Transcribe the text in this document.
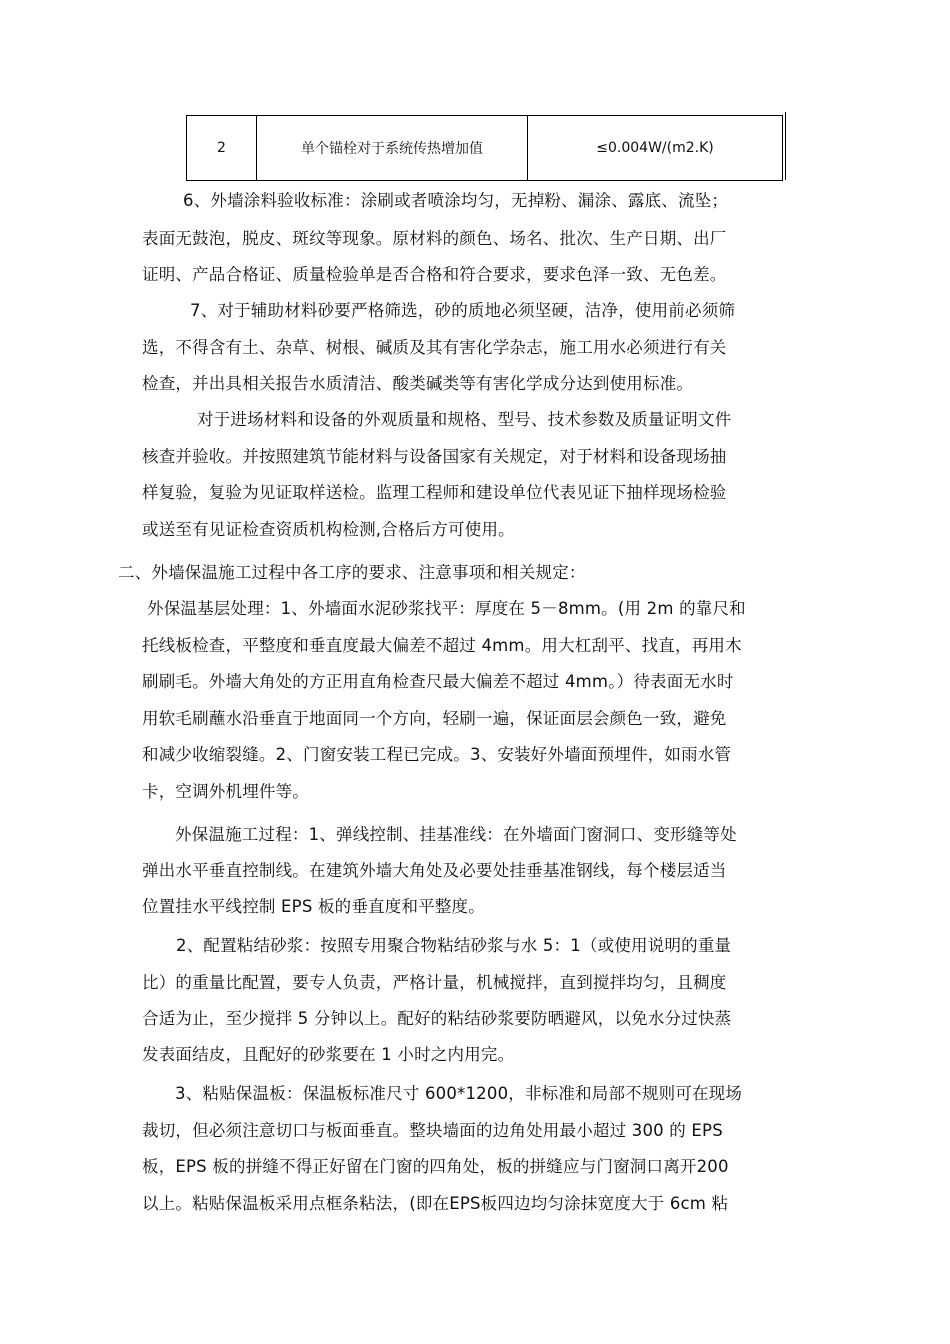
2	单个锚栓对于系统传热增加值	≤0.004W/(m2.K)
6、外墙涂料验收标准：涂刷或者喷涂均匀，无掉粉、漏涂、露底、流坠；
表面无鼓泡，脱皮、斑纹等现象。原材料的颜色、场名、批次、生产日期、出厂
证明、产品合格证、质量检验单是否合格和符合要求，要求色泽一致、无色差。
7、对于辅助材料砂要严格筛选，砂的质地必须坚硬，洁净，使用前必须筛
选，不得含有土、杂草、树根、碱质及其有害化学杂志，施工用水必须进行有关
检查，并出具相关报告水质清洁、酸类碱类等有害化学成分达到使用标准。
对于进场材料和设备的外观质量和规格、型号、技术参数及质量证明文件
核查并验收。并按照建筑节能材料与设备国家有关规定，对于材料和设备现场抽
样复验，复验为见证取样送检。监理工程师和建设单位代表见证下抽样现场检验
或送至有见证检查资质机构检测,合格后方可使用。
二、外墙保温施工过程中各工序的要求、注意事项和相关规定：
外保温基层处理：1、外墙面水泥砂浆找平：厚度在 5－8mm。(用 2m 的靠尺和
托线板检查，平整度和垂直度最大偏差不超过 4mm。用大杠刮平、找直，再用木
刷刷毛。外墙大角处的方正用直角检查尺最大偏差不超过 4mm。）待表面无水时
用软毛刷蘸水沿垂直于地面同一个方向，轻刷一遍，保证面层会颜色一致，避免
和减少收缩裂缝。2、门窗安装工程已完成。3、安装好外墙面预埋件，如雨水管
卡，空调外机埋件等。
外保温施工过程：1、弹线控制、挂基准线：在外墙面门窗洞口、变形缝等处
弹出水平垂直控制线。在建筑外墙大角处及必要处挂垂基准钢线，每个楼层适当
位置挂水平线控制 EPS 板的垂直度和平整度。
2、配置粘结砂浆：按照专用聚合物粘结砂浆与水 5：1（或使用说明的重量
比）的重量比配置，要专人负责，严格计量，机械搅拌，直到搅拌均匀，且稠度
合适为止，至少搅拌 5 分钟以上。配好的粘结砂浆要防晒避风，以免水分过快蒸
发表面结皮，且配好的砂浆要在 1 小时之内用完。
3、粘贴保温板：保温板标准尺寸 600*1200，非标准和局部不规则可在现场
裁切，但必须注意切口与板面垂直。整块墙面的边角处用最小超过 300 的 EPS
板，EPS 板的拼缝不得正好留在门窗的四角处，板的拼缝应与门窗洞口离开200
以上。粘贴保温板采用点框条粘法，(即在EPS板四边均匀涂抹宽度大于 6cm 粘
